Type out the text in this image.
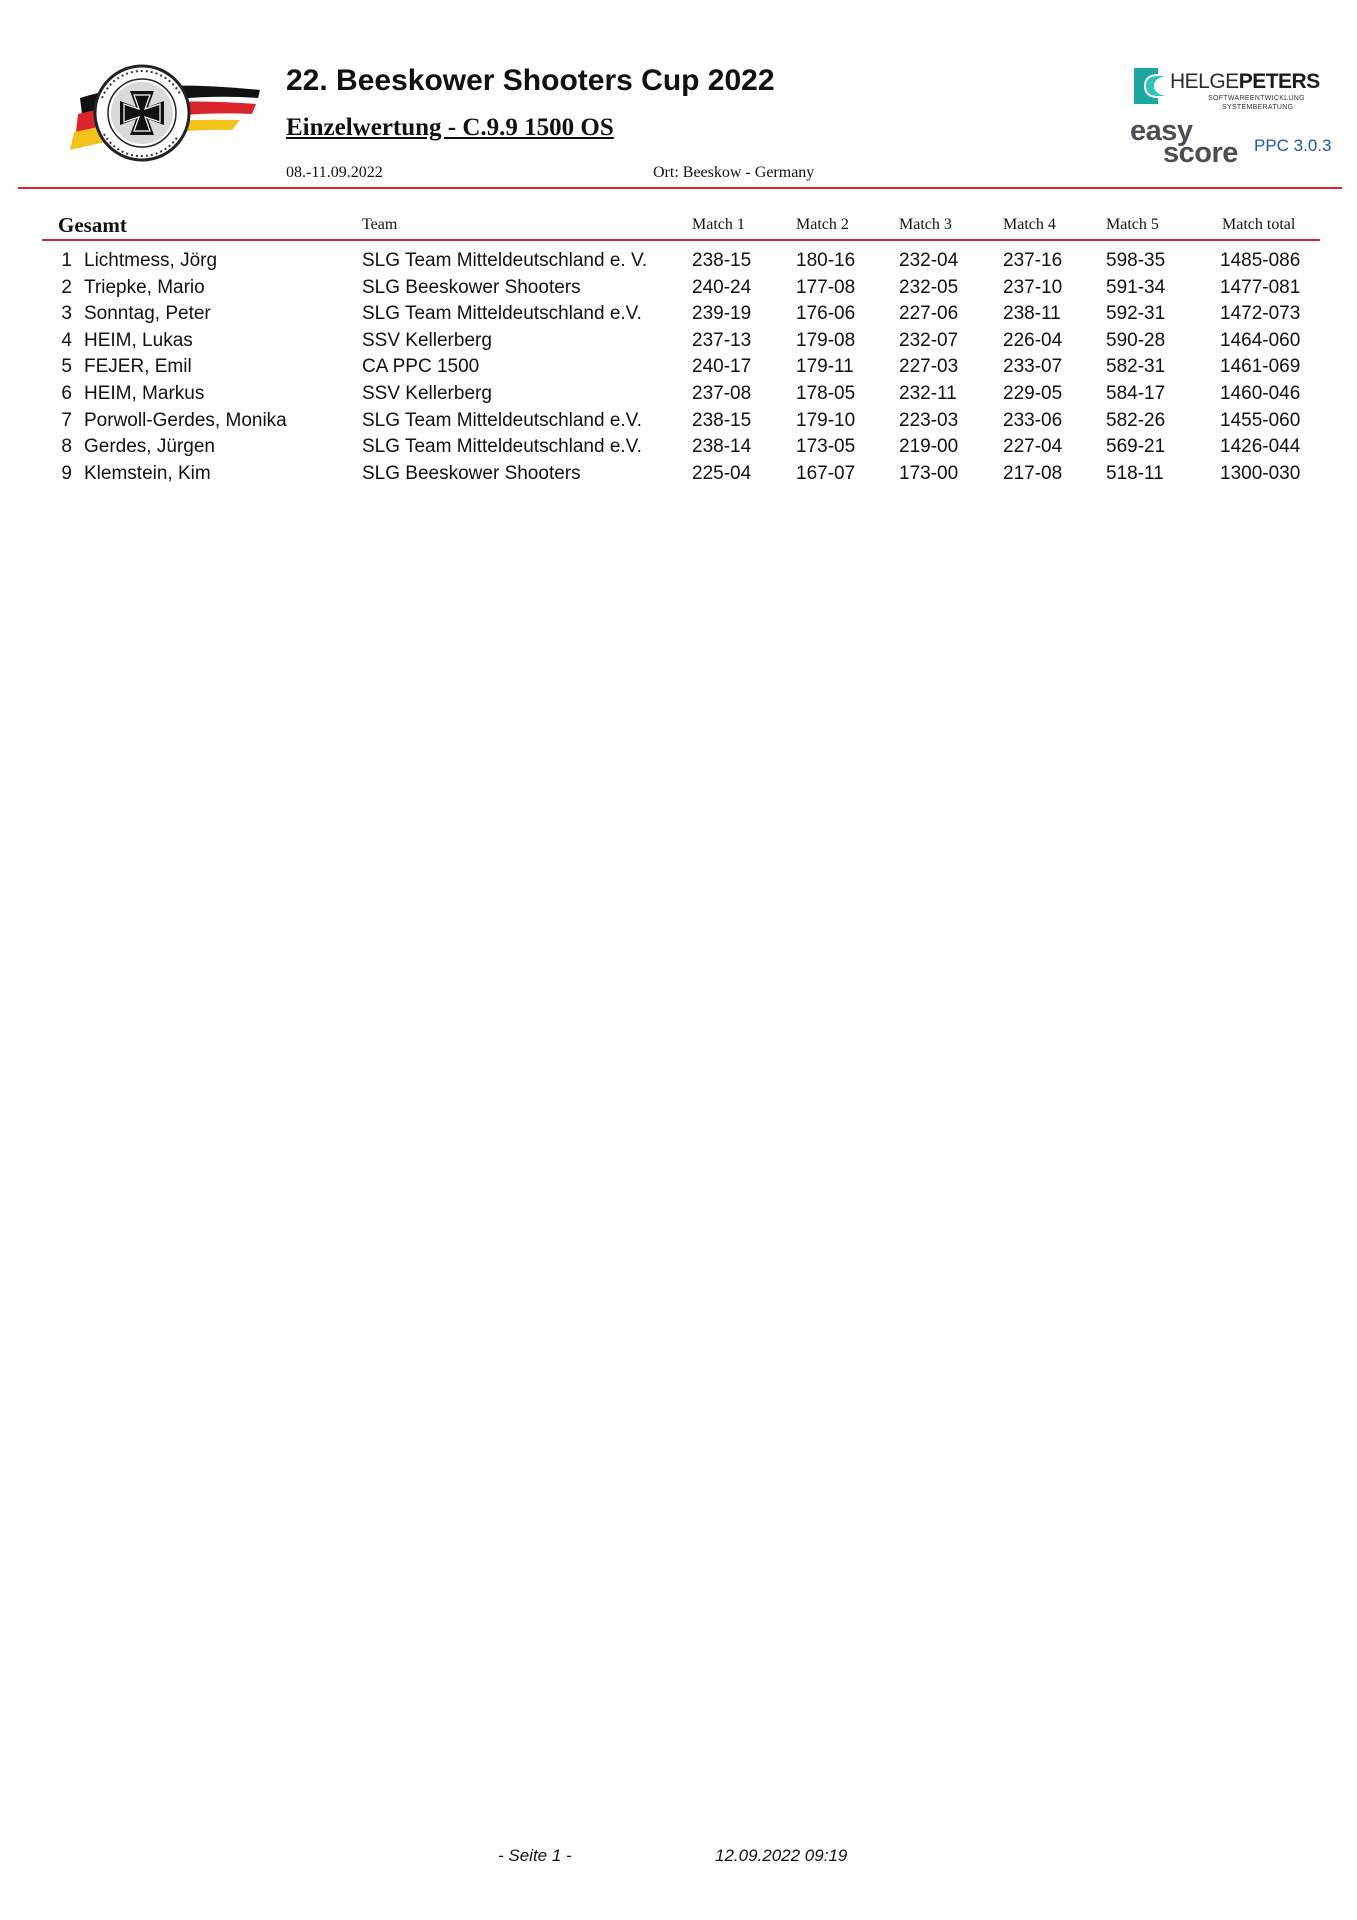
22. Beeskower Shooters Cup 2022
Einzelwertung - C.9.9 1500 OS
08.-11.09.2022	Ort: Beeskow - Germany
HELGEPETERS
SOFTWAREENTWICKLUNG
SYSTEMBERATUNG
easy
score PPC 3.0.3
Gesamt	Team	Match 1	Match 2	Match 3	Match 4	Match 5	Match total
1 Lichtmess, Jörg	SLG Team Mitteldeutschland e. V. 238-15 180-16 232-04 237-16 598-35	1485-086
2 Triepke, Mario	SLG Beeskower Shooters	240-24 177-08 232-05 237-10 591-34	1477-081
3 Sonntag, Peter	SLG Team Mitteldeutschland e.V.	239-19 176-06 227-06 238-11 592-31	1472-073
4 HEIM, Lukas	SSV Kellerberg	237-13 179-08 232-07 226-04 590-28	1464-060
5 FEJER, Emil	CA PPC 1500	240-17 179-11 227-03 233-07 582-31	1461-069
6 HEIM, Markus	SSV Kellerberg	237-08 178-05 232-11 229-05 584-17	1460-046
7 Porwoll-Gerdes, Monika	SLG Team Mitteldeutschland e.V.	238-15 179-10 223-03 233-06 582-26	1455-060
8 Gerdes, Jürgen	SLG Team Mitteldeutschland e.V.	238-14 173-05 219-00 227-04 569-21	1426-044
9 Klemstein, Kim	SLG Beeskower Shooters	225-04 167-07 173-00 217-08 518-11	1300-030
- Seite 1 -	12.09.2022 09:19
